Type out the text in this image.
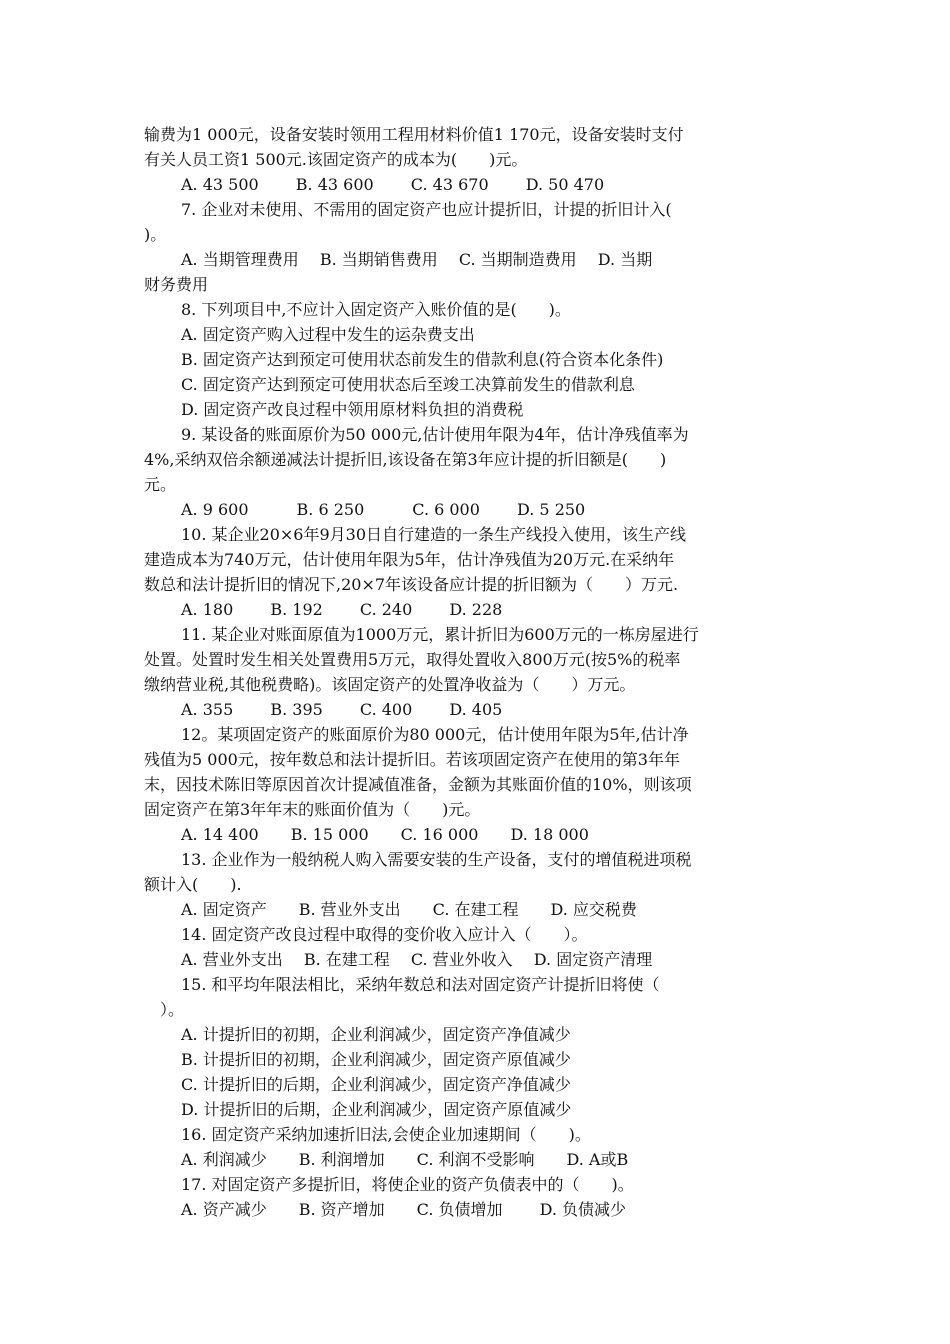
输费为1 000元，设备安装时领用工程用材料价值1 170元，设备安装时支付
有关人员工资1 500元.该固定资产的成本为(　　)元。
A. 43 500　　 B. 43 600　　 C. 43 670　　 D. 50 470
7. 企业对未使用、不需用的固定资产也应计提折旧，计提的折旧计入(
)。
A. 当期管理费用　 B. 当期销售费用　 C. 当期制造费用　 D. 当期
财务费用
8. 下列项目中,不应计入固定资产入账价值的是(　　)。
A. 固定资产购入过程中发生的运杂费支出
B. 固定资产达到预定可使用状态前发生的借款利息(符合资本化条件)
C. 固定资产达到预定可使用状态后至竣工决算前发生的借款利息
D. 固定资产改良过程中领用原材料负担的消费税
9. 某设备的账面原价为50 000元,估计使用年限为4年，估计净残值率为
4%,采纳双倍余额递减法计提折旧,该设备在第3年应计提的折旧额是(　　)
元。
A. 9 600　　　B. 6 250　　　C. 6 000　　 D. 5 250
10. 某企业20×6年9月30日自行建造的一条生产线投入使用，该生产线
建造成本为740万元，估计使用年限为5年，估计净残值为20万元.在采纳年
数总和法计提折旧的情况下,20×7年该设备应计提的折旧额为（　　）万元.
A. 180　　 B. 192　　 C. 240　　 D. 228
11. 某企业对账面原值为1000万元，累计折旧为600万元的一栋房屋进行
处置。处置时发生相关处置费用5万元，取得处置收入800万元(按5%的税率
缴纳营业税,其他税费略)。该固定资产的处置净收益为（　　）万元。
A. 355　　 B. 395　　 C. 400　　 D. 405
12。某项固定资产的账面原价为80 000元，估计使用年限为5年,估计净
残值为5 000元，按年数总和法计提折旧。若该项固定资产在使用的第3年年
末，因技术陈旧等原因首次计提减值准备，金额为其账面价值的10%，则该项
固定资产在第3年年末的账面价值为（　　)元。
A. 14 400　　B. 15 000　　C. 16 000　　D. 18 000
13. 企业作为一般纳税人购入需要安装的生产设备，支付的增值税进项税
额计入(　　).
A. 固定资产　　B. 营业外支出　　C. 在建工程　　D. 应交税费
14. 固定资产改良过程中取得的变价收入应计入（　　）。
A. 营业外支出　 B. 在建工程　 C. 营业外收入　 D. 固定资产清理
15. 和平均年限法相比，采纳年数总和法对固定资产计提折旧将使（
　）。
A. 计提折旧的初期，企业利润减少，固定资产净值减少
B. 计提折旧的初期，企业利润减少，固定资产原值减少
C. 计提折旧的后期，企业利润减少，固定资产净值减少
D. 计提折旧的后期，企业利润减少，固定资产原值减少
16. 固定资产采纳加速折旧法,会使企业加速期间（　　)。
A. 利润减少　　B. 利润增加　　C. 利润不受影响　　D. A或B
17. 对固定资产多提折旧，将使企业的资产负债表中的（　　)。
A. 资产减少　　B. 资产增加　　C. 负债增加　　 D. 负债减少
